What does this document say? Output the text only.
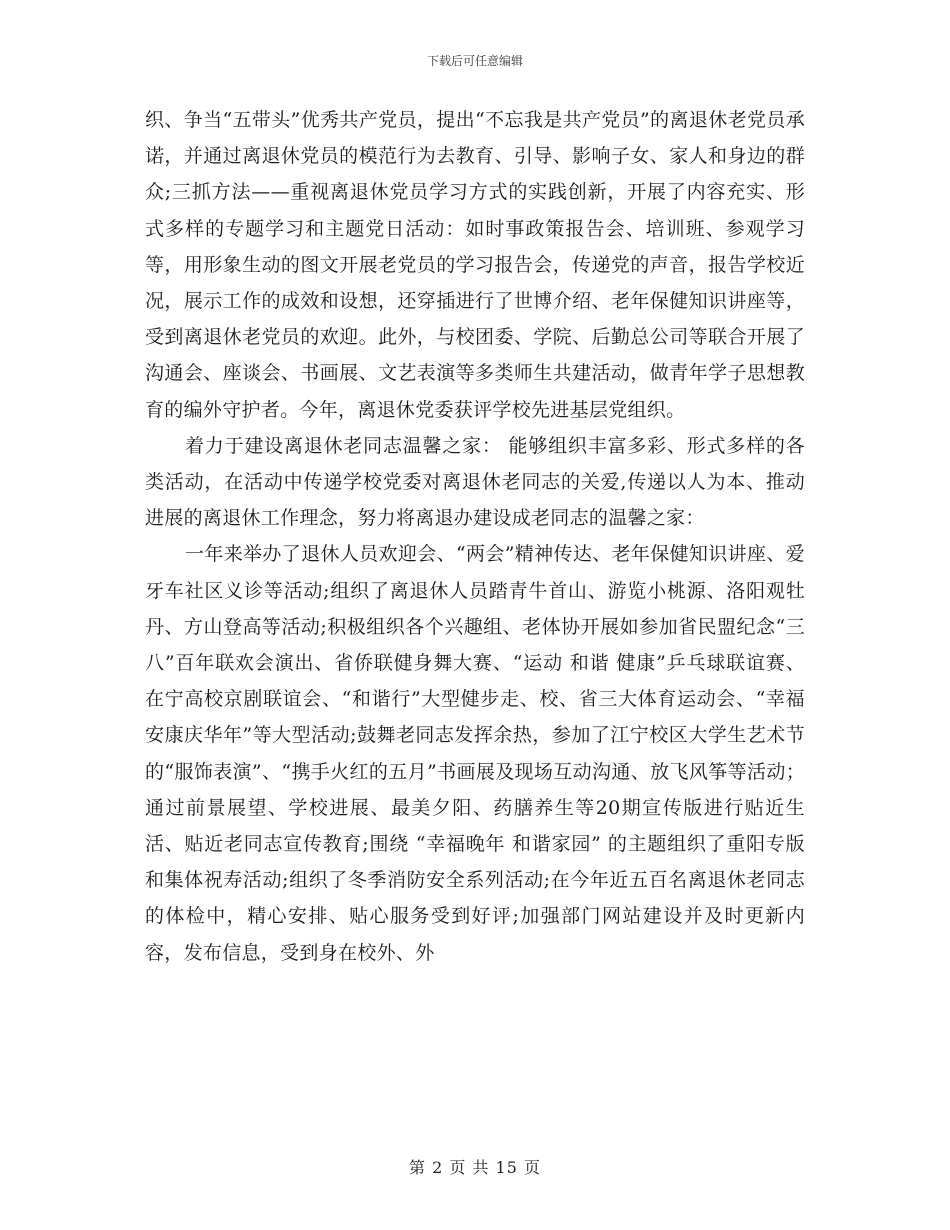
下载后可任意编辑

织、争当“五带头”优秀共产党员，提出“不忘我是共产党员”的离退休老党员承诺，并通过离退休党员的模范行为去教育、引导、影响子女、家人和身边的群众;三抓方法——重视离退休党员学习方式的实践创新，开展了内容充实、形式多样的专题学习和主题党日活动：如时事政策报告会、培训班、参观学习等，用形象生动的图文开展老党员的学习报告会，传递党的声音，报告学校近况，展示工作的成效和设想，还穿插进行了世博介绍、老年保健知识讲座等，受到离退休老党员的欢迎。此外，与校团委、学院、后勤总公司等联合开展了沟通会、座谈会、书画展、文艺表演等多类师生共建活动，做青年学子思想教育的编外守护者。今年，离退休党委获评学校先进基层党组织。

着力于建设离退休老同志温馨之家： 能够组织丰富多彩、形式多样的各类活动，在活动中传递学校党委对离退休老同志的关爱,传递以人为本、推动进展的离退休工作理念，努力将离退办建设成老同志的温馨之家：

一年来举办了退休人员欢迎会、“两会”精神传达、老年保健知识讲座、爱牙车社区义诊等活动;组织了离退休人员踏青牛首山、游览小桃源、洛阳观牡丹、方山登高等活动;积极组织各个兴趣组、老体协开展如参加省民盟纪念“三八”百年联欢会演出、省侨联健身舞大赛、“运动 和谐 健康”乒乓球联谊赛、在宁高校京剧联谊会、“和谐行”大型健步走、校、省三大体育运动会、“幸福安康庆华年”等大型活动;鼓舞老同志发挥余热，参加了江宁校区大学生艺术节的“服饰表演”、“携手火红的五月”书画展及现场互动沟通、放飞风筝等活动；通过前景展望、学校进展、最美夕阳、药膳养生等20期宣传版进行贴近生活、贴近老同志宣传教育;围绕 “幸福晚年 和谐家园” 的主题组织了重阳专版和集体祝寿活动;组织了冬季消防安全系列活动;在今年近五百名离退休老同志的体检中，精心安排、贴心服务受到好评;加强部门网站建设并及时更新内容，发布信息，受到身在校外、外

第 2 页 共 15 页
